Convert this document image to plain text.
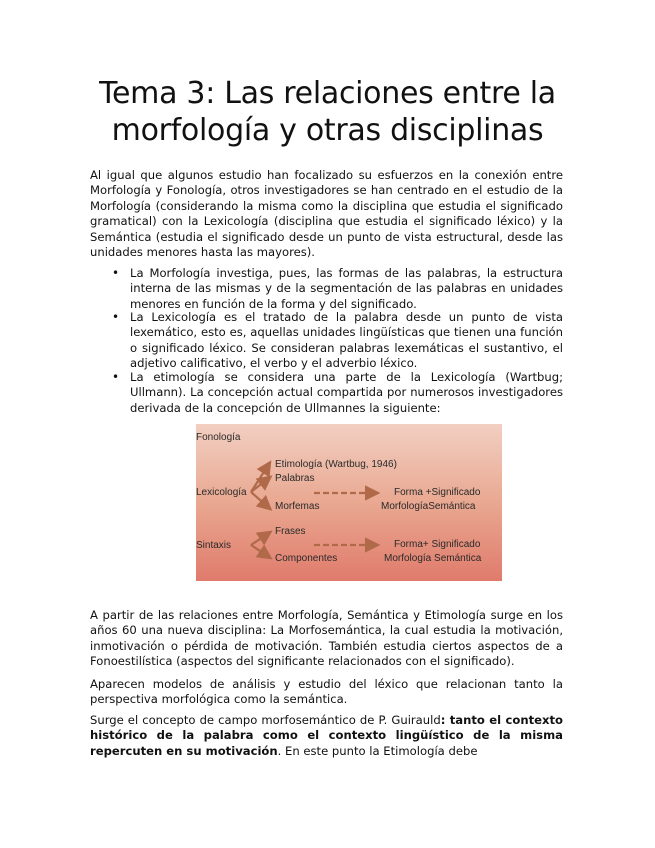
Tema 3: Las relaciones entre la morfología y otras disciplinas

Al igual que algunos estudio han focalizado su esfuerzos en la conexión entre Morfología y Fonología, otros investigadores se han centrado en el estudio de la Morfología (considerando la misma como la disciplina que estudia el significado gramatical) con la Lexicología (disciplina que estudia el significado léxico) y la Semántica (estudia el significado desde un punto de vista estructural, desde las unidades menores hasta las mayores).

• La Morfología investiga, pues, las formas de las palabras, la estructura interna de las mismas y de la segmentación de las palabras en unidades menores en función de la forma y del significado.
• La Lexicología es el tratado de la palabra desde un punto de vista lexemático, esto es, aquellas unidades lingüísticas que tienen una función o significado léxico. Se consideran palabras lexemáticas el sustantivo, el adjetivo calificativo, el verbo y el adverbio léxico.
• La etimología se considera una parte de la Lexicología (Wartbug; Ullmann). La concepción actual compartida por numerosos investigadores derivada de la concepción de Ullmannes la siguiente:
Fonología
Etimología (Wartbug, 1946)
Palabras
Lexicología
Morfemas
Forma +Significado
MorfologíaSemántica
Frases
Sintaxis
Componentes
Forma+ Significado
Morfología Semántica

A partir de las relaciones entre Morfología, Semántica y Etimología surge en los años 60 una nueva disciplina: La Morfosemántica, la cual estudia la motivación, inmotivación o pérdida de motivación. También estudia ciertos aspectos de a Fonoestilística (aspectos del significante relacionados con el significado).

Aparecen modelos de análisis y estudio del léxico que relacionan tanto la perspectiva morfológica como la semántica.

Surge el concepto de campo morfosemántico de P. Guirauld: tanto el contexto histórico de la palabra como el contexto lingüístico de la misma repercuten en su motivación. En este punto la Etimología debe
